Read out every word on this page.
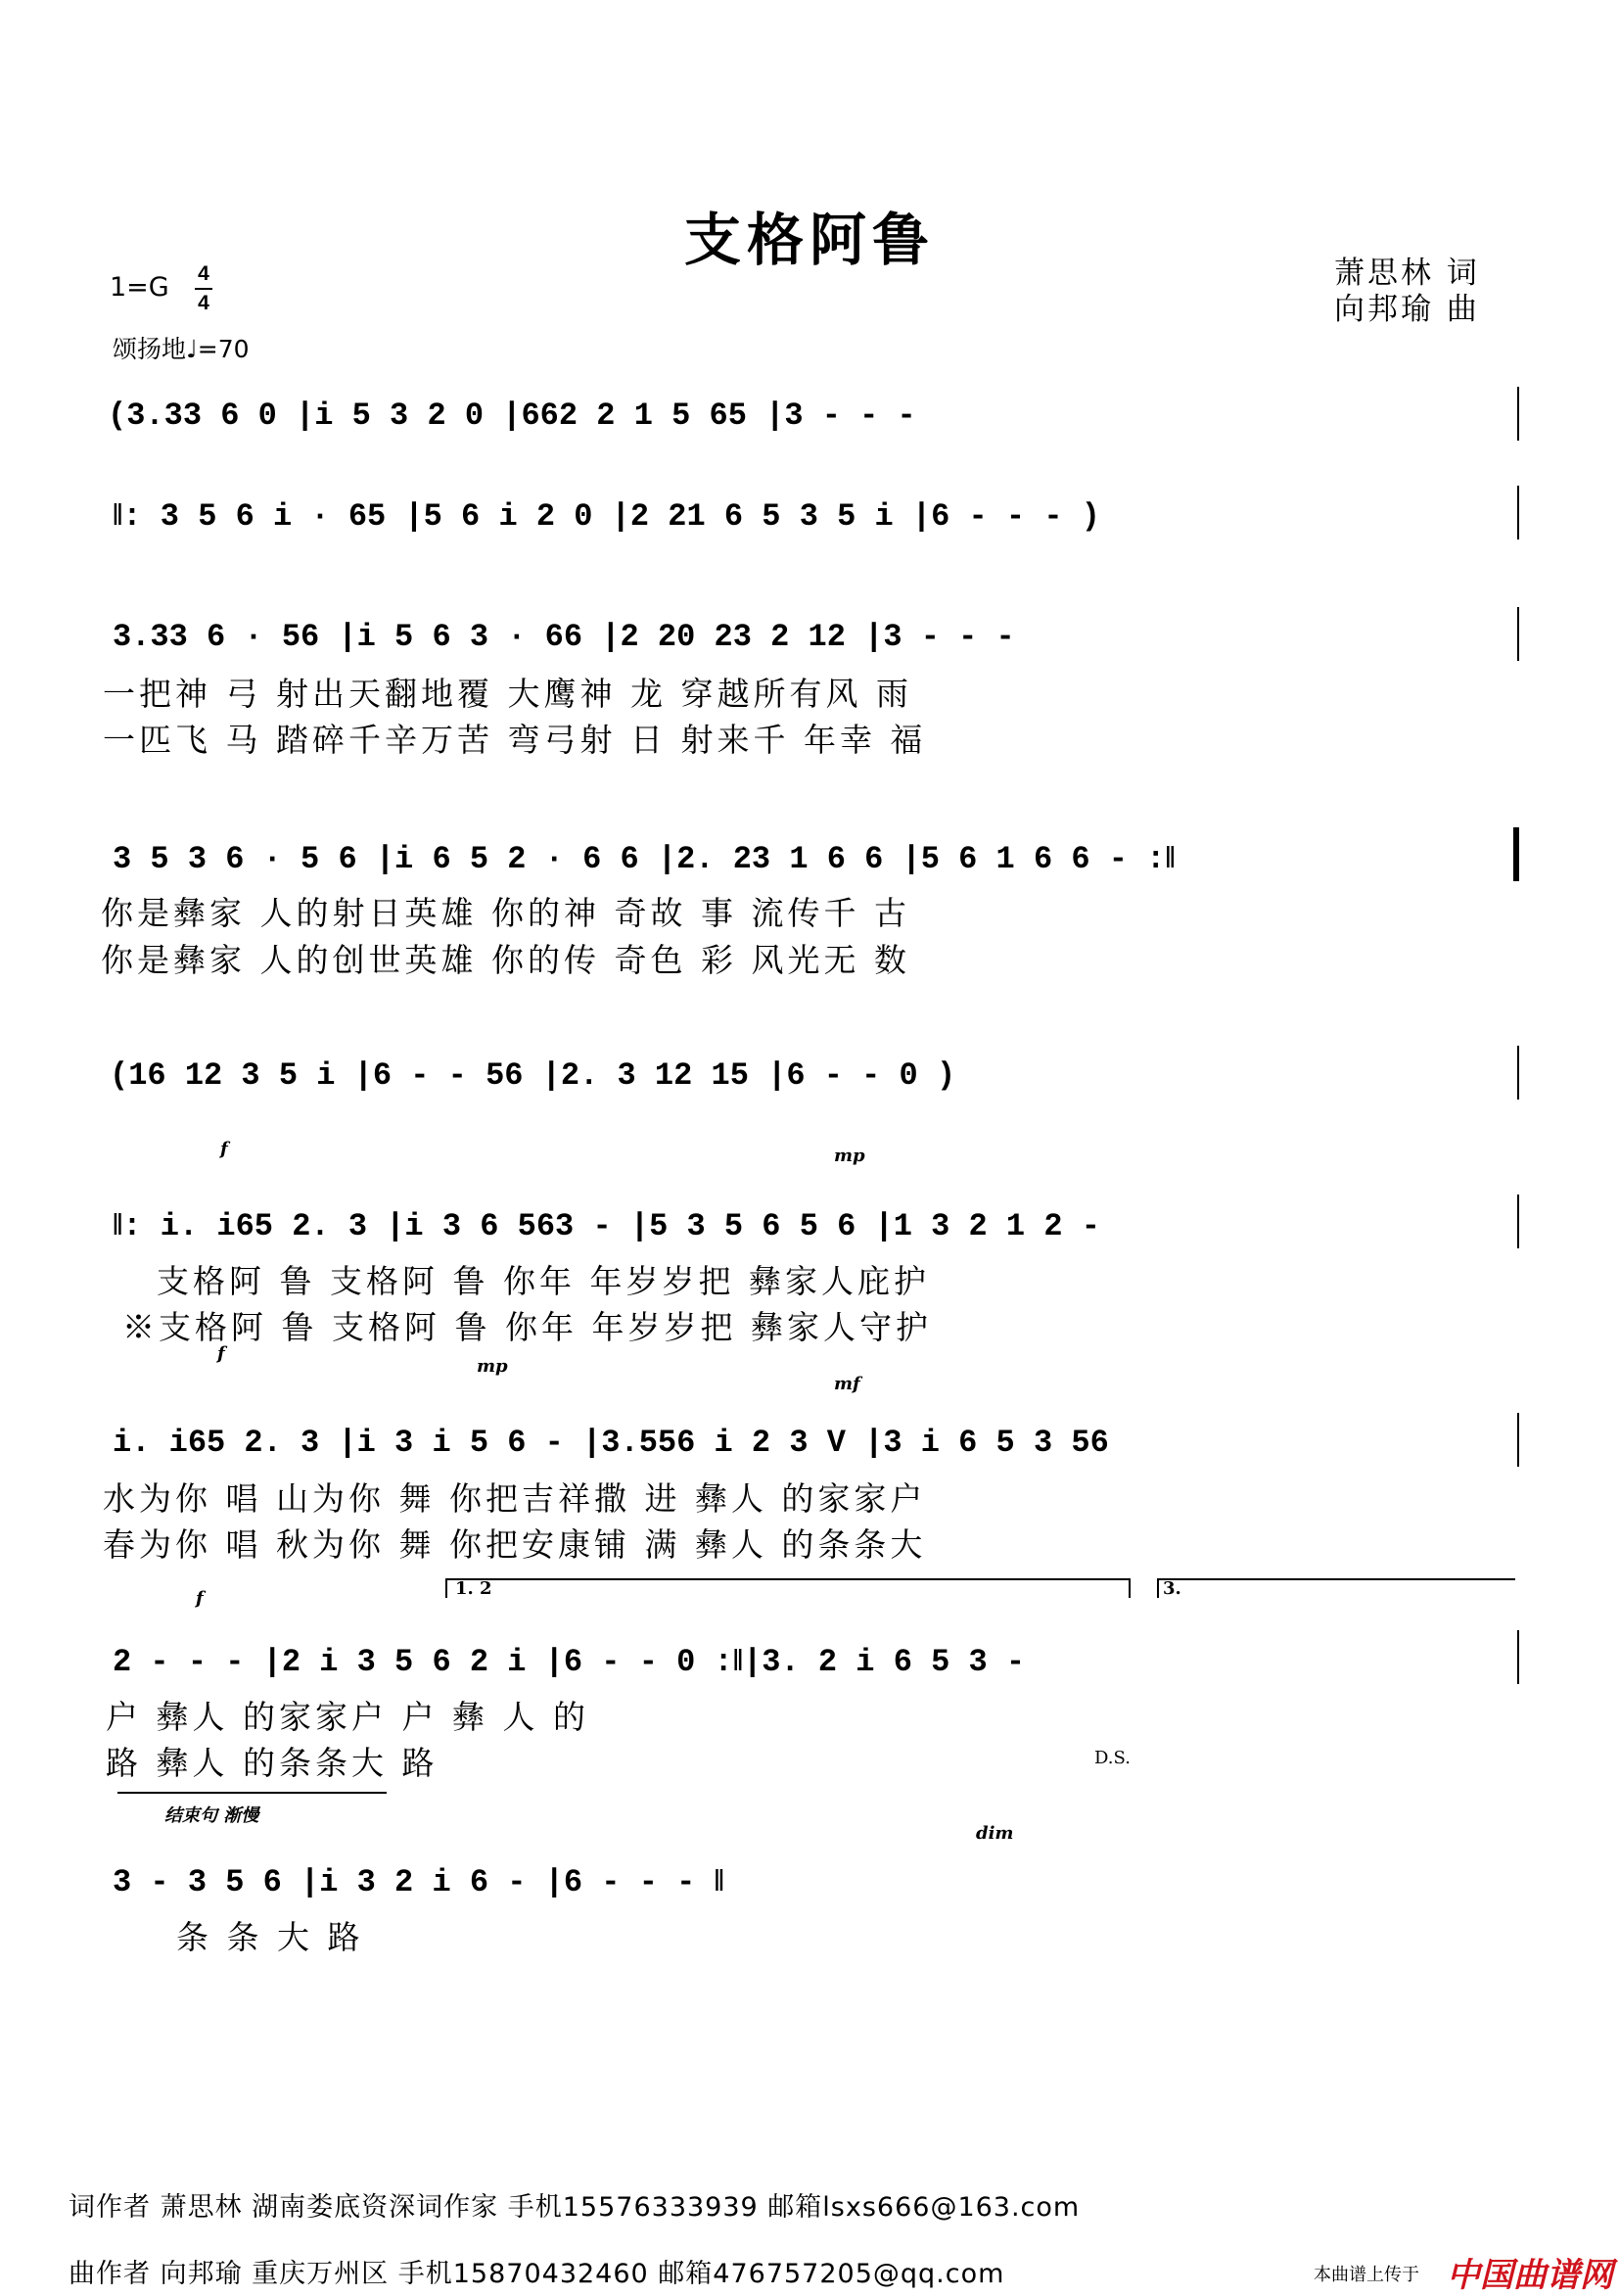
支格阿鲁	萧思林 词
向邦瑜 曲
1=G 4
4
颂扬地♩=70
(3.33 6 0 |i 5 3 2 0 |662 2 1 5 65 |3 - - -
‖: 3 5 6 i · 65 |5 6 i 2 0 |2 21 6 5 3 5 i |6 - - - )
3.33 6 · 56 |i 5 6 3 · 66 |2 20 23 2 12 |3 - - -
一把神 弓 射出天翻地覆 大鹰神 龙 穿越所有风 雨
一匹飞 马 踏碎千辛万苦 弯弓射 日 射来千 年幸 福
3 5 3 6 · 5 6 |i 6 5 2 · 6 6 |2. 23 1 6 6 |5 6 1 6 6 - :‖
你是彝家 人的射日英雄 你的神 奇故 事 流传千 古
你是彝家 人的创世英雄 你的传 奇色 彩 风光无 数
(16 12 3 5 i |6 - - 56 |2. 3 12 15 |6 - - 0 )
f	mp
‖: i. i65 2. 3 |i 3 6 563 - |5 3 5 6 5 6 |1 3 2 1 2 -
支格阿 鲁 支格阿 鲁 你年 年岁岁把 彝家人庇护
※支格阿 鲁 支格阿 鲁 你年 年岁岁把 彝家人守护
f
mp
mf
i. i65 2. 3 |i 3 i 5 6 - |3.556 i 2 3 V |3 i 6 5 3 56
水为你 唱 山为你 舞 你把吉祥撒 进 彝人 的家家户
春为你 唱 秋为你 舞 你把安康铺 满 彝人 的条条大
1. 2	3.
f
2 - - - |2 i 3 5 6 2 i |6 - - 0 :‖|3. 2 i 6 5 3 -
户 彝人 的家家户 户 彝 人 的
路 彝人 的条条大 路	D.S.
结束句 渐慢
dim
3 - 3 5 6 |i 3 2 i 6 - |6 - - - ‖
条 条 大 路
词作者 萧思林 湖南娄底资深词作家 手机15576333939 邮箱lsxs666@163.com
曲作者 向邦瑜 重庆万州区 手机15870432460 邮箱476757205@qq.com	本曲谱上传于 中国曲谱网
